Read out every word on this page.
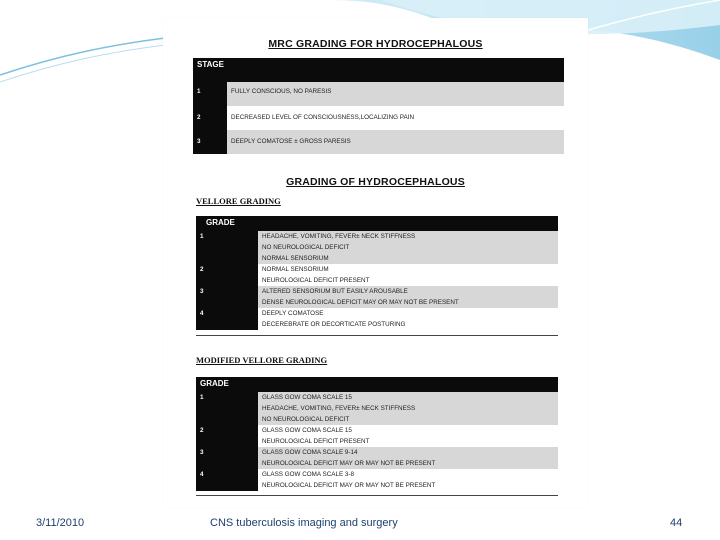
MRC GRADING FOR HYDROCEPHALOUS
STAGE	
1	FULLY CONSCIOUS, NO PARESIS
2	DECREASED LEVEL OF CONSCIOUSNESS,LOCALIZING PAIN
3	DEEPLY COMATOSE ± GROSS PARESIS
GRADING OF HYDROCEPHALOUS
VELLORE GRADING
GRADE	

1	HEADACHE, VOMITING, FEVER± NECK STIFFNESS
NO NEUROLOGICAL DEFICIT
NORMAL SENSORIUM

2	NORMAL SENSORIUM
NEUROLOGICAL DEFICIT PRESENT

3	ALTERED SENSORIUM BUT EASILY AROUSABLE
DENSE NEUROLOGICAL DEFICIT MAY OR MAY NOT BE PRESENT

4	DEEPLY COMATOSE
DECEREBRATE OR DECORTICATE POSTURING
MODIFIED VELLORE GRADING
GRADE	

1	GLASS GOW COMA SCALE 15
HEADACHE, VOMITING, FEVER± NECK STIFFNESS
NO NEUROLOGICAL DEFICIT

2	GLASS GOW COMA SCALE 15
NEUROLOGICAL DEFICIT PRESENT

3	GLASS GOW COMA SCALE 9-14
NEUROLOGICAL DEFICIT MAY OR MAY NOT BE PRESENT

4	GLASS GOW COMA SCALE 3-8
NEUROLOGICAL DEFICIT MAY OR MAY NOT BE PRESENT
3/11/2010	CNS tuberculosis imaging and surgery	44
